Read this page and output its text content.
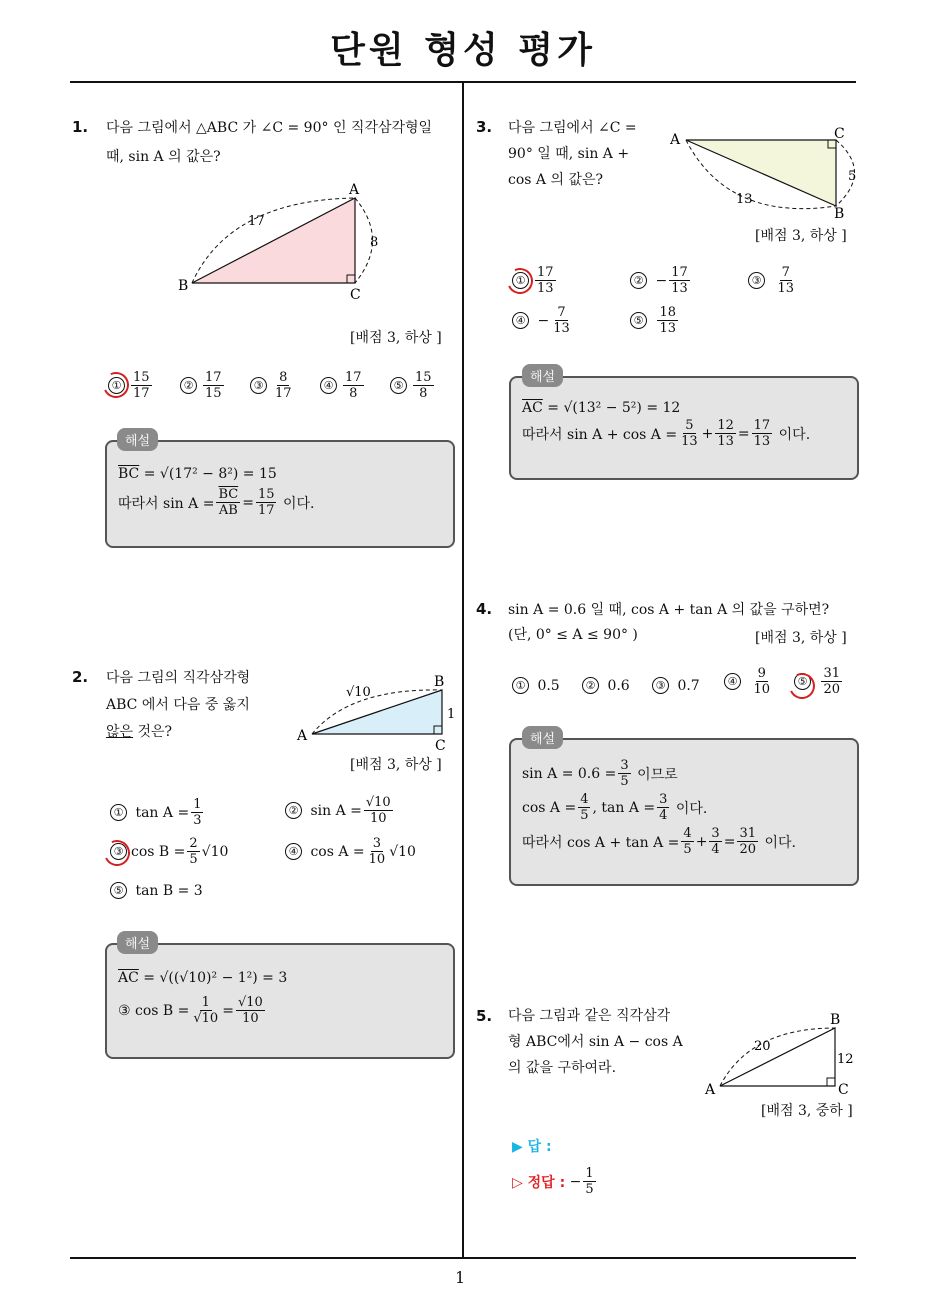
단원 형성 평가
1
1. 다음 그림에서 △ABC 가 ∠C = 90° 인 직각삼각형일
때, sin A 의 값은?
A
B
C
17
8
[배점 3, 하상 ]
① $\frac{15}{17}$	② $\frac{17}{15}$	③ $\frac{8}{17}$	④ $\frac{17}{8}$	⑤ $\frac{15}{8}$
해설
$\overline{BC}$
= √(17² − 8²) = 15
따라서 $\sin A = \frac{\overline{BC}}{AB} = \frac{15}{17}$
이다.
2. 다음 그림의 직각삼각형
ABC 에서 다음 중 옳지
않은 것은?
B
A
C
√10
1
[배점 3, 하상 ]
①
$\tan A = \frac{1}{3}$	②
$\sin A = \frac{√10}{10}$
③ $\cos B = \frac{2}{5} √10$	④
$\cos A = \frac{3}{10} √10$
⑤
tan B = 3
해설
$\overline{AC}$
= √((√10)² − 1²) = 3
③ $\cos B = \frac{1}{√10} = \frac{√10}{10}$
3. 다음 그림에서 ∠C =
90° 일 때, sin A +
cos A 의 값은?
A	C
B
13
5
[배점 3, 하상 ]
① $\frac{17}{13}$	②
− $\frac{17}{13}$	③
$\frac{7}{13}$
④
− $\frac{7}{13}$	⑤
$\frac{18}{13}$
해설
$\overline{AC}$
= √(13² − 5²) = 12
따라서 $\sin A + \cos A = \frac{5}{13} + \frac{12}{13} = \frac{17}{13}$
이다.
4. sin A = 0.6 일 때, cos A + tan A 의 값을 구하면?
(단, 0° ≤ A ≤ 90° )	[배점 3, 하상 ]
①
0.5	②
0.6	③
0.7	④
$\frac{9}{10}$	⑤
$\frac{31}{20}$
해설
$\sin A = 0.6 = \frac{3}{5}$
이므로
$\cos A = \frac{4}{5}$ , $\tan A = \frac{3}{4}$
이다.
따라서 $\cos A + \tan A = \frac{4}{5} + \frac{3}{4} = \frac{31}{20}$
이다.
5. 다음 그림과 같은 직각삼각
형 ABC에서 sin A − cos A
의 값을 구하여라.
B
A	C
20
12
[배점 3, 중하 ]
▶ 답 :
▷ 정답 :
− $\frac{1}{5}$
